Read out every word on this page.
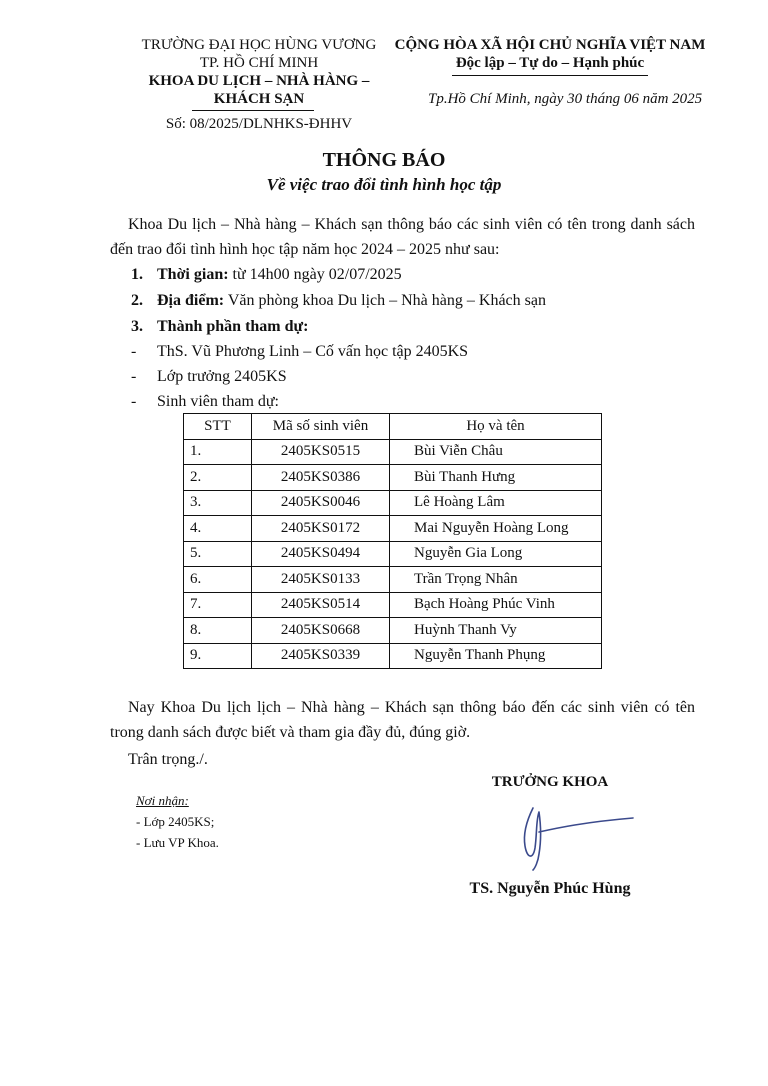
TRƯỜNG ĐẠI HỌC HÙNG VƯƠNG
TP. HỒ CHÍ MINH
KHOA DU LỊCH – NHÀ HÀNG –
KHÁCH SẠN
Số: 08/2025/DLNHKS-ĐHHV
CỘNG HÒA XÃ HỘI CHỦ NGHĨA VIỆT NAM
Độc lập – Tự do – Hạnh phúc
Tp.Hồ Chí Minh, ngày 30 tháng 06 năm 2025
THÔNG BÁO
Về việc trao đổi tình hình học tập
Khoa Du lịch – Nhà hàng – Khách sạn thông báo các sinh viên có tên trong danh sách đến trao đổi tình hình học tập năm học 2024 – 2025 như sau:
1. Thời gian: từ 14h00 ngày 02/07/2025
2. Địa điểm: Văn phòng khoa Du lịch – Nhà hàng – Khách sạn
3. Thành phần tham dự:
- ThS. Vũ Phương Linh – Cố vấn học tập 2405KS
- Lớp trưởng 2405KS
- Sinh viên tham dự:
STT	Mã số sinh viên	Họ và tên
1.	2405KS0515	Bùi Viễn Châu
2.	2405KS0386	Bùi Thanh Hưng
3.	2405KS0046	Lê Hoàng Lâm
4.	2405KS0172	Mai Nguyễn Hoàng Long
5.	2405KS0494	Nguyễn Gia Long
6.	2405KS0133	Trần Trọng Nhân
7.	2405KS0514	Bạch Hoàng Phúc Vinh
8.	2405KS0668	Huỳnh Thanh Vy
9.	2405KS0339	Nguyễn Thanh Phụng
Nay Khoa Du lịch lịch – Nhà hàng – Khách sạn thông báo đến các sinh viên có tên trong danh sách được biết và tham gia đầy đủ, đúng giờ.
Trân trọng./.
TRƯỞNG KHOA
TS. Nguyễn Phúc Hùng
Nơi nhận:
- Lớp 2405KS;
- Lưu VP Khoa.
